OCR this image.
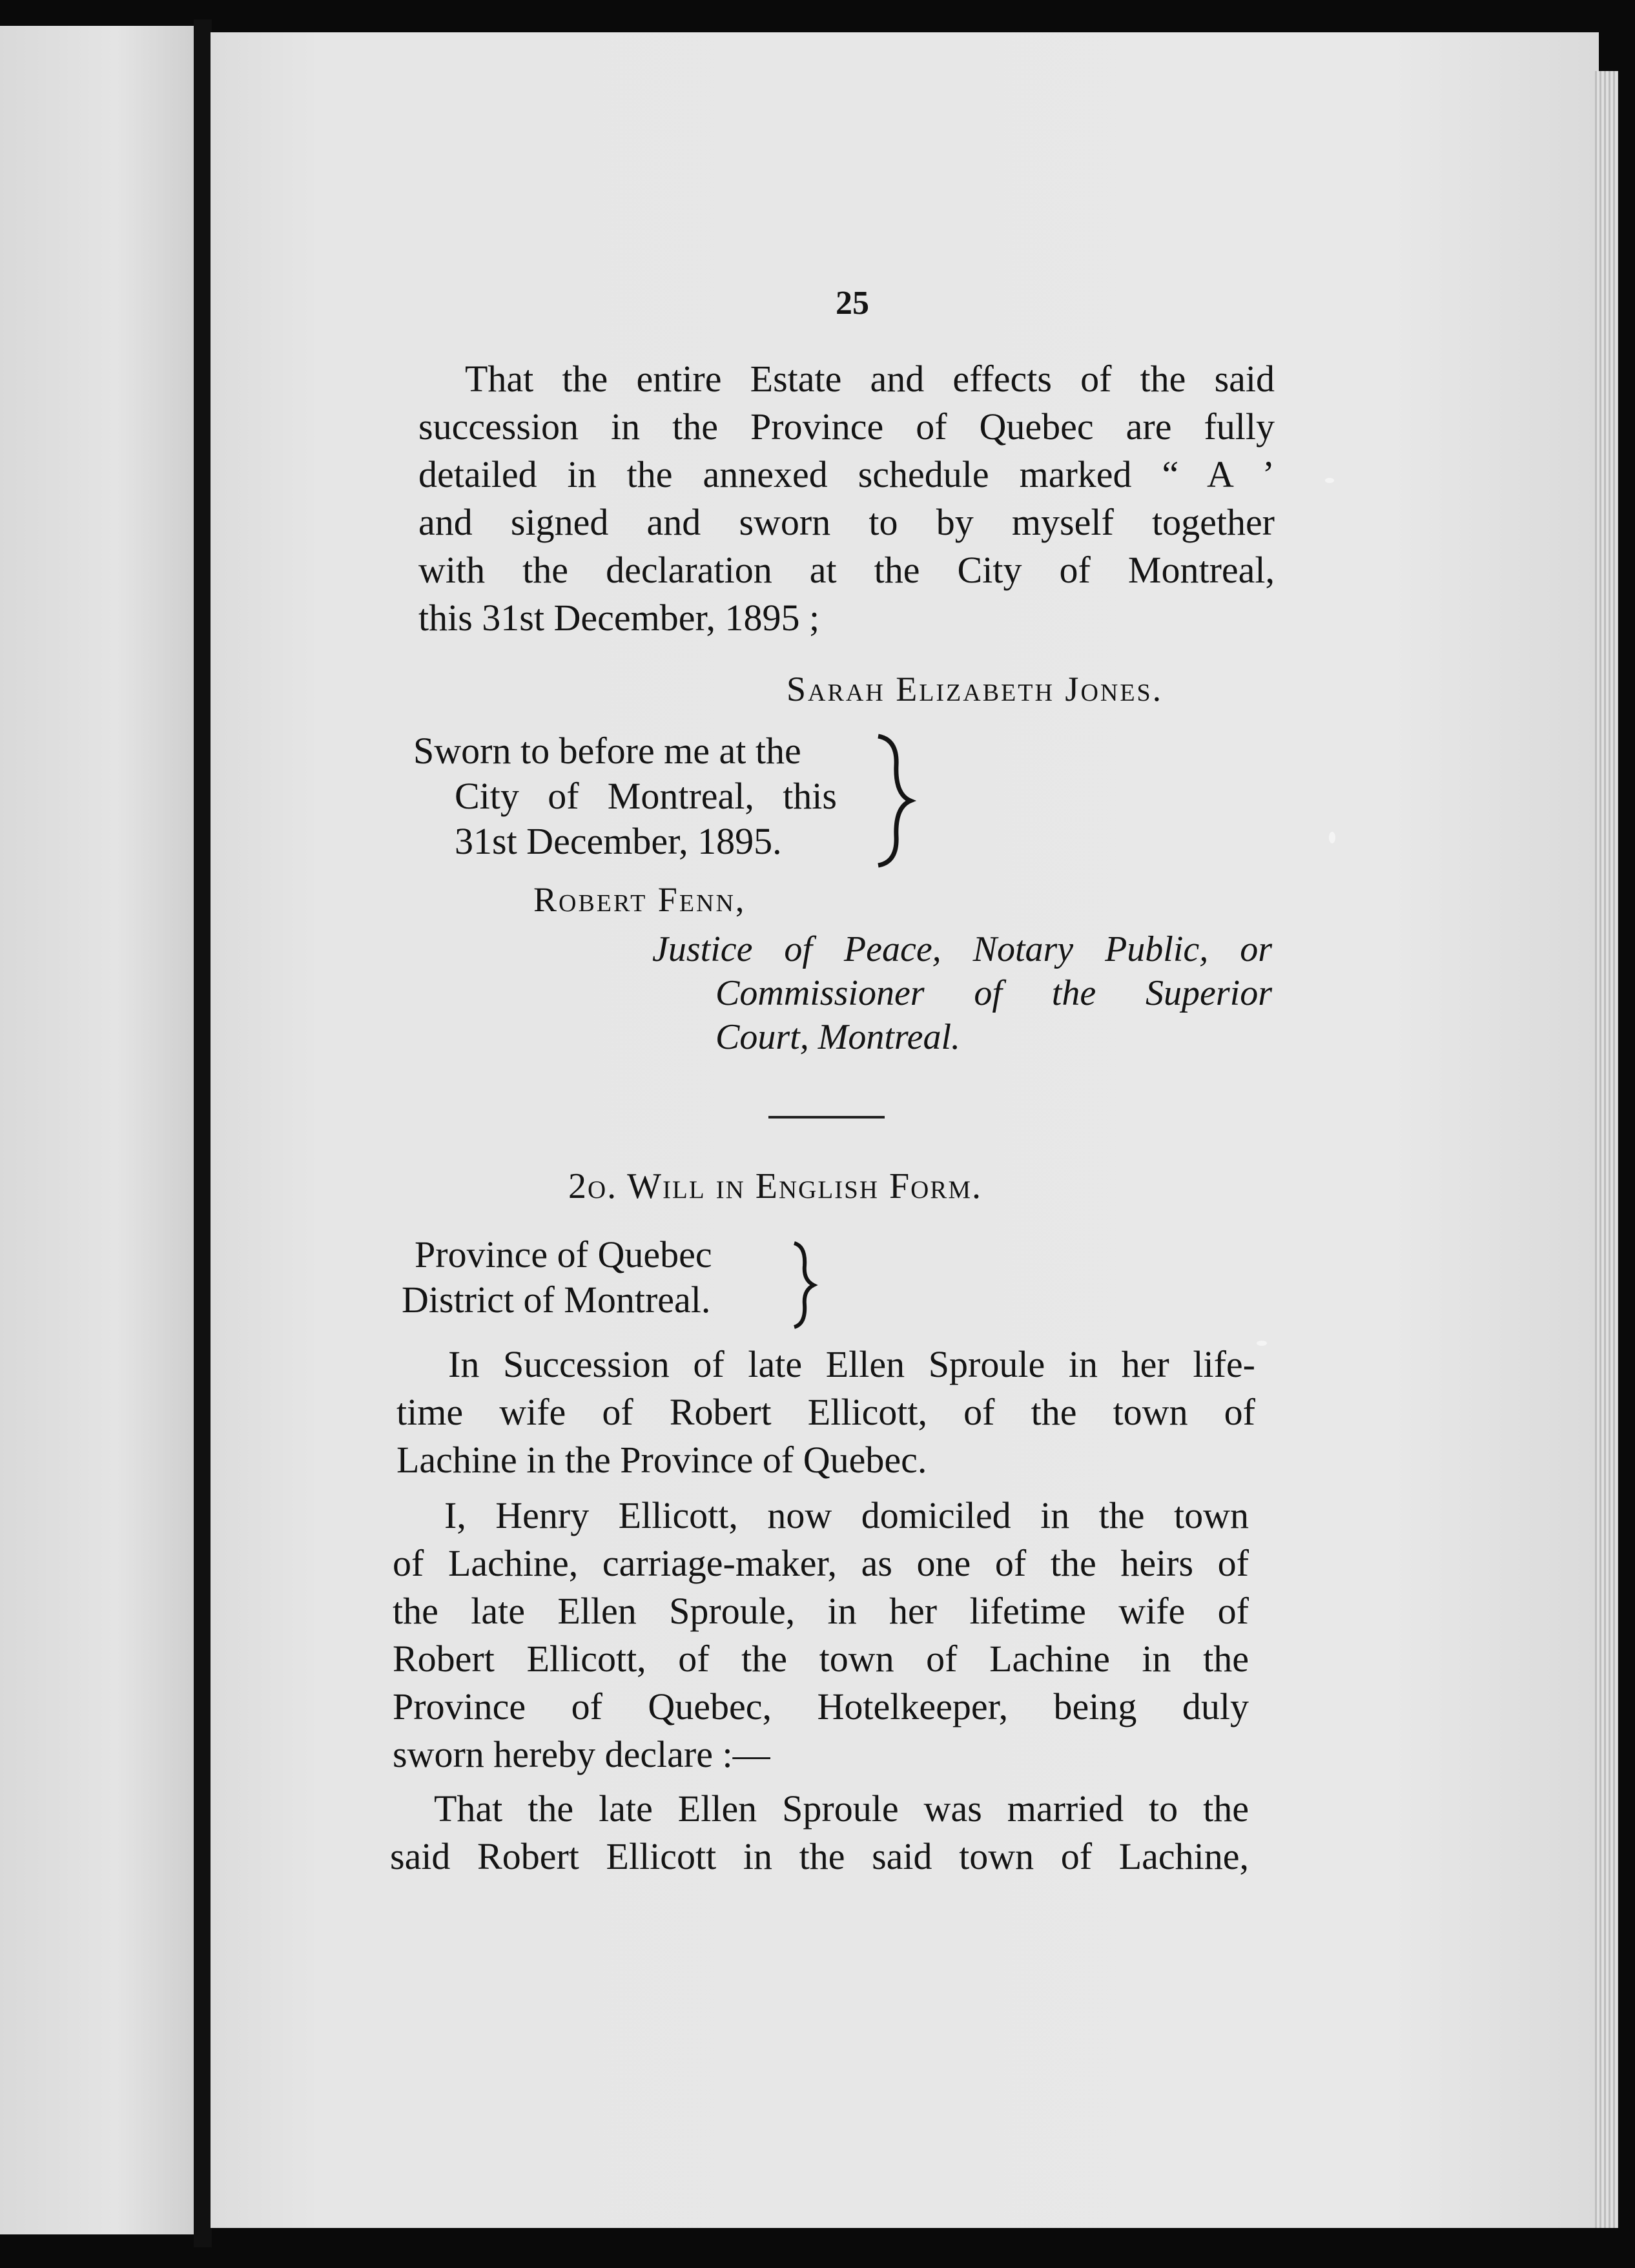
25
That the entire Estate and effects of the said
succession in the Province of Quebec are fully
detailed in the annexed schedule marked “ A ’
and signed and sworn to by myself together
with the declaration at the City of Montreal,
this 31st December, 1895 ;
Sarah Elizabeth Jones.
Sworn to before me at the
City of Montreal, this
31st December, 1895.
Robert Fenn,
Justice of Peace, Notary Public, or
Commissioner of the Superior
Court, Montreal.
2o. Will in English Form.
Province of Quebec
District of Montreal.
In Succession of late Ellen Sproule in her life-
time wife of Robert Ellicott, of the town of
Lachine in the Province of Quebec.
I, Henry Ellicott, now domiciled in the town
of Lachine, carriage-maker, as one of the heirs of
the late Ellen Sproule, in her lifetime wife of
Robert Ellicott, of the town of Lachine in the
Province of Quebec, Hotelkeeper, being duly
sworn hereby declare :—
That the late Ellen Sproule was married to the
said Robert Ellicott in the said town of Lachine,
